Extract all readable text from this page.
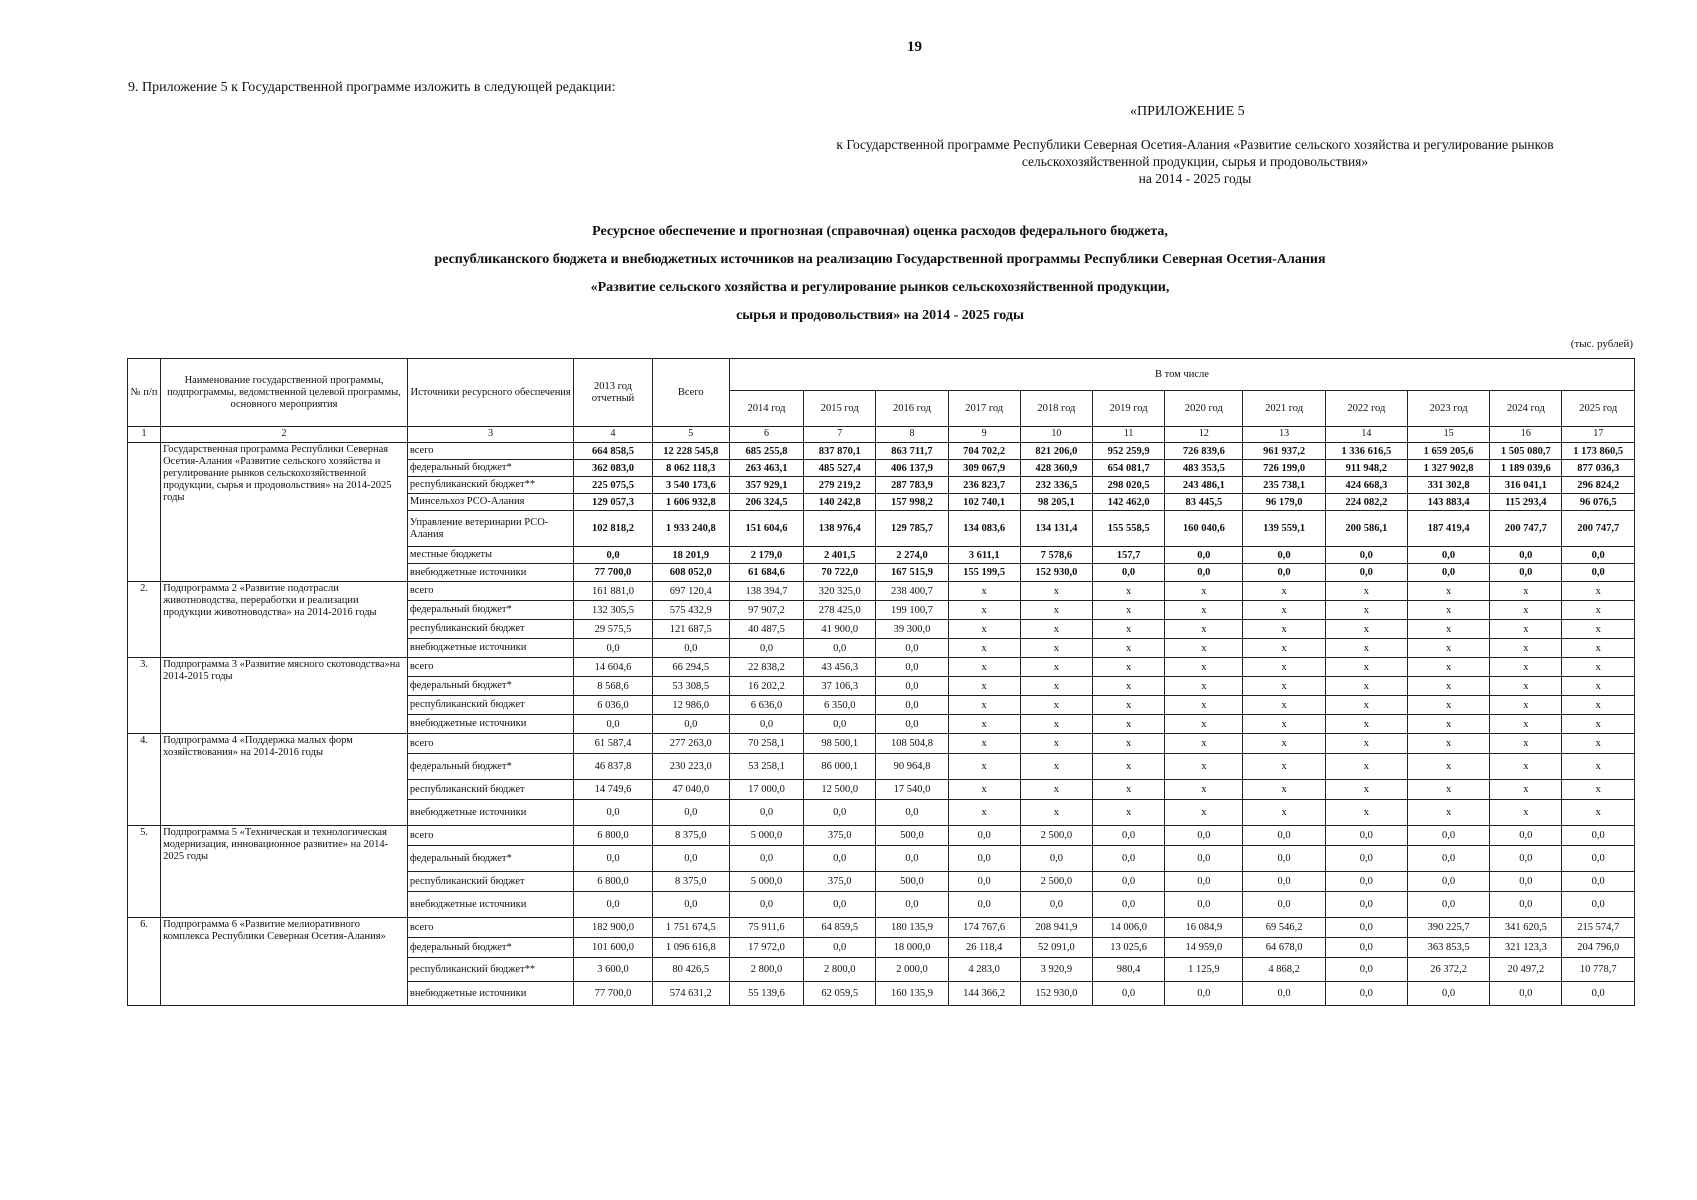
19
9. Приложение 5 к Государственной программе изложить в следующей редакции:
«ПРИЛОЖЕНИЕ 5
к Государственной программе Республики Северная Осетия-Алания «Развитие сельского хозяйства и регулирование рынков
сельскохозяйственной продукции, сырья и продовольствия»
на 2014 - 2025 годы
Ресурсное обеспечение и прогнозная (справочная) оценка расходов федерального бюджета,
республиканского бюджета и внебюджетных источников на реализацию Государственной программы Республики Северная Осетия-Алания
«Развитие сельского хозяйства и регулирование рынков сельскохозяйственной продукции,
сырья и продовольствия» на 2014 - 2025 годы
(тыс. рублей)
№ п/п	Наименование государственной программы, подпрограммы, ведомственной целевой программы, основного мероприятия	Источники ресурсного обеспечения	2013 год отчетный	Всего	В том числе											
					2014 год	2015 год	2016 год	2017 год	2018 год	2019 год	2020 год	2021 год	2022 год	2023 год	2024 год	2025 год
1	2	3	4	5	6	7	8	9	10	11	12	13	14	15	16	17
	Государственная программа Республики Северная Осетия-Алания «Развитие сельского хозяйства и регулирование рынков сельскохозяйственной продукции, сырья и продовольствия» на 2014-2025 годы	всего	664 858,5	12 228 545,8	685 255,8	837 870,1	863 711,7	704 702,2	821 206,0	952 259,9	726 839,6	961 937,2	1 336 616,5	1 659 205,6	1 505 080,7	1 173 860,5
		федеральный бюджет*	362 083,0	8 062 118,3	263 463,1	485 527,4	406 137,9	309 067,9	428 360,9	654 081,7	483 353,5	726 199,0	911 948,2	1 327 902,8	1 189 039,6	877 036,3
		республиканский бюджет**	225 075,5	3 540 173,6	357 929,1	279 219,2	287 783,9	236 823,7	232 336,5	298 020,5	243 486,1	235 738,1	424 668,3	331 302,8	316 041,1	296 824,2
		Минсельхоз РСО-Алания	129 057,3	1 606 932,8	206 324,5	140 242,8	157 998,2	102 740,1	98 205,1	142 462,0	83 445,5	96 179,0	224 082,2	143 883,4	115 293,4	96 076,5
		Управление ветеринарии РСО-Алания	102 818,2	1 933 240,8	151 604,6	138 976,4	129 785,7	134 083,6	134 131,4	155 558,5	160 040,6	139 559,1	200 586,1	187 419,4	200 747,7	200 747,7
		местные бюджеты	0,0	18 201,9	2 179,0	2 401,5	2 274,0	3 611,1	7 578,6	157,7	0,0	0,0	0,0	0,0	0,0	0,0
		внебюджетные источники	77 700,0	608 052,0	61 684,6	70 722,0	167 515,9	155 199,5	152 930,0	0,0	0,0	0,0	0,0	0,0	0,0	0,0
2.	Подпрограмма 2 «Развитие подотрасли животноводства, переработки и реализации продукции животноводства» на 2014-2016 годы	всего	161 881,0	697 120,4	138 394,7	320 325,0	238 400,7	x	x	x	x	x	x	x	x	x
		федеральный бюджет*	132 305,5	575 432,9	97 907,2	278 425,0	199 100,7	x	x	x	x	x	x	x	x	x
		республиканский бюджет	29 575,5	121 687,5	40 487,5	41 900,0	39 300,0	x	x	x	x	x	x	x	x	x
		внебюджетные источники	0,0	0,0	0,0	0,0	0,0	x	x	x	x	x	x	x	x	x
3.	Подпрограмма 3 «Развитие мясного скотоводства»на 2014-2015 годы	всего	14 604,6	66 294,5	22 838,2	43 456,3	0,0	x	x	x	x	x	x	x	x	x
		федеральный бюджет*	8 568,6	53 308,5	16 202,2	37 106,3	0,0	x	x	x	x	x	x	x	x	x
		республиканский бюджет	6 036,0	12 986,0	6 636,0	6 350,0	0,0	x	x	x	x	x	x	x	x	x
		внебюджетные источники	0,0	0,0	0,0	0,0	0,0	x	x	x	x	x	x	x	x	x
4.	Подпрограмма 4 «Поддержка малых форм хозяйствования» на 2014-2016 годы	всего	61 587,4	277 263,0	70 258,1	98 500,1	108 504,8	x	x	x	x	x	x	x	x	x
		федеральный бюджет*	46 837,8	230 223,0	53 258,1	86 000,1	90 964,8	x	x	x	x	x	x	x	x	x
		республиканский бюджет	14 749,6	47 040,0	17 000,0	12 500,0	17 540,0	x	x	x	x	x	x	x	x	x
		внебюджетные источники	0,0	0,0	0,0	0,0	0,0	x	x	x	x	x	x	x	x	x
5.	Подпрограмма 5 «Техническая и технологическая модернизация, инновационное развитие» на 2014-2025 годы	всего	6 800,0	8 375,0	5 000,0	375,0	500,0	0,0	2 500,0	0,0	0,0	0,0	0,0	0,0	0,0	0,0
		федеральный бюджет*	0,0	0,0	0,0	0,0	0,0	0,0	0,0	0,0	0,0	0,0	0,0	0,0	0,0	0,0
		республиканский бюджет	6 800,0	8 375,0	5 000,0	375,0	500,0	0,0	2 500,0	0,0	0,0	0,0	0,0	0,0	0,0	0,0
		внебюджетные источники	0,0	0,0	0,0	0,0	0,0	0,0	0,0	0,0	0,0	0,0	0,0	0,0	0,0	0,0
6.	Подпрограмма 6 «Развитие мелиоративного комплекса Республики Северная Осетия-Алания»	всего	182 900,0	1 751 674,5	75 911,6	64 859,5	180 135,9	174 767,6	208 941,9	14 006,0	16 084,9	69 546,2	0,0	390 225,7	341 620,5	215 574,7
		федеральный бюджет*	101 600,0	1 096 616,8	17 972,0	0,0	18 000,0	26 118,4	52 091,0	13 025,6	14 959,0	64 678,0	0,0	363 853,5	321 123,3	204 796,0
		республиканский бюджет**	3 600,0	80 426,5	2 800,0	2 800,0	2 000,0	4 283,0	3 920,9	980,4	1 125,9	4 868,2	0,0	26 372,2	20 497,2	10 778,7
		внебюджетные источники	77 700,0	574 631,2	55 139,6	62 059,5	160 135,9	144 366,2	152 930,0	0,0	0,0	0,0	0,0	0,0	0,0	0,0
